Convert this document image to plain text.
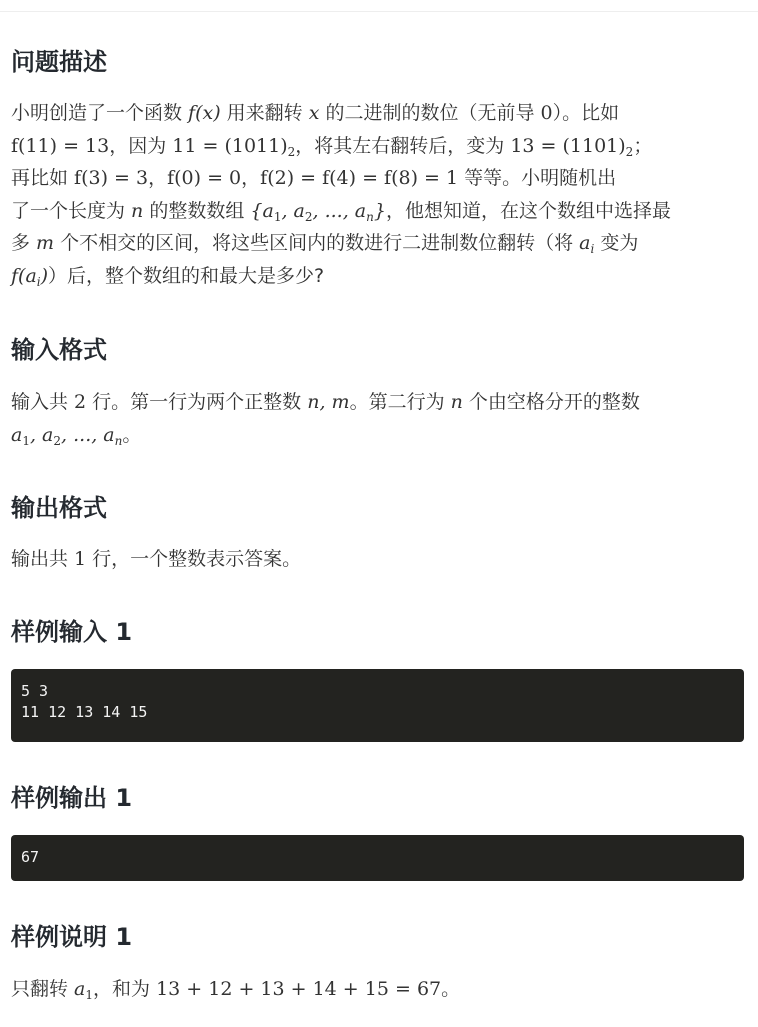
问题描述
小明创造了一个函数 f(x) 用来翻转 x 的二进制的数位（无前导 0）。比如
f(11) = 13，因为 $11 = (1011)_2$，将其左右翻转后，变为 $13 = (1101)_2$；
再比如 f(3) = 3，f(0) = 0，f(2) = f(4) = f(8) = 1 等等。小明随机出
了一个长度为 n 的整数数组 {$a_1$, $a_2$, ..., $a_n$}，他想知道，在这个数组中选择最
多 m 个不相交的区间，将这些区间内的数进行二进制数位翻转（将 $a_i$ 变为
$f(a_i)$）后，整个数组的和最大是多少?
输入格式
输入共 2 行。第一行为两个正整数 n, m。第二行为 n 个由空格分开的整数
$a_1$, $a_2$, ..., $a_n$。
输出格式
输出共 1 行，一个整数表示答案。
样例输入 1
5 3
11 12 13 14 15
样例输出 1
67
样例说明 1
只翻转 $a_1$，和为 13 + 12 + 13 + 14 + 15 = 67。
